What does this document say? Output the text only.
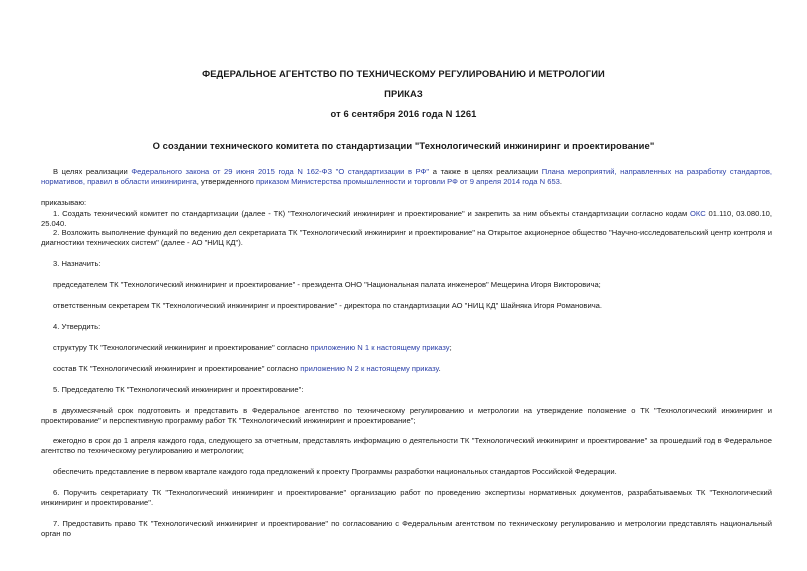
ФЕДЕРАЛЬНОЕ АГЕНТСТВО ПО ТЕХНИЧЕСКОМУ РЕГУЛИРОВАНИЮ И МЕТРОЛОГИИ
ПРИКАЗ
от 6 сентября 2016 года N 1261
О создании технического комитета по стандартизации "Технологический инжиниринг и проектирование"
В целях реализации Федерального закона от 29 июня 2015 года N 162-ФЗ "О стандартизации в РФ" а также в целях реализации Плана мероприятий, направленных на разработку стандартов, нормативов, правил в области инжиниринга, утвержденного приказом Министерства промышленности и торговли РФ от 9 апреля 2014 года N 653.
приказываю:
1. Создать технический комитет по стандартизации (далее - ТК) "Технологический инжиниринг и проектирование" и закрепить за ним объекты стандартизации согласно кодам ОКС 01.110, 03.080.10, 25.040.
2. Возложить выполнение функций по ведению дел секретариата ТК "Технологический инжиниринг и проектирование" на Открытое акционерное общество "Научно-исследовательский центр контроля и диагностики технических систем" (далее - АО "НИЦ КД").
3. Назначить:
председателем ТК "Технологический инжиниринг и проектирование" - президента ОНО "Национальная палата инженеров" Мещерина Игоря Викторовича;
ответственным секретарем ТК "Технологический инжиниринг и проектирование" - директора по стандартизации АО "НИЦ КД" Шайняка Игоря Романовича.
4. Утвердить:
структуру ТК "Технологический инжиниринг и проектирование" согласно приложению N 1 к настоящему приказу;
состав ТК "Технологический инжиниринг и проектирование" согласно приложению N 2 к настоящему приказу.
5. Председателю ТК "Технологический инжиниринг и проектирование":
в двухмесячный срок подготовить и представить в Федеральное агентство по техническому регулированию и метрологии на утверждение положение о ТК "Технологический инжиниринг и проектирование" и перспективную программу работ ТК "Технологический инжиниринг и проектирование";
ежегодно в срок до 1 апреля каждого года, следующего за отчетным, представлять информацию о деятельности ТК "Технологический инжиниринг и проектирование" за прошедший год в Федеральное агентство по техническому регулированию и метрологии;
обеспечить представление в первом квартале каждого года предложений к проекту Программы разработки национальных стандартов Российской Федерации.
6. Поручить секретариату ТК "Технологический инжиниринг и проектирование" организацию работ по проведению экспертизы нормативных документов, разрабатываемых ТК "Технологический инжиниринг и проектирование".
7. Предоставить право ТК "Технологический инжиниринг и проектирование" по согласованию с Федеральным агентством по техническому регулированию и метрологии представлять национальный орган по
